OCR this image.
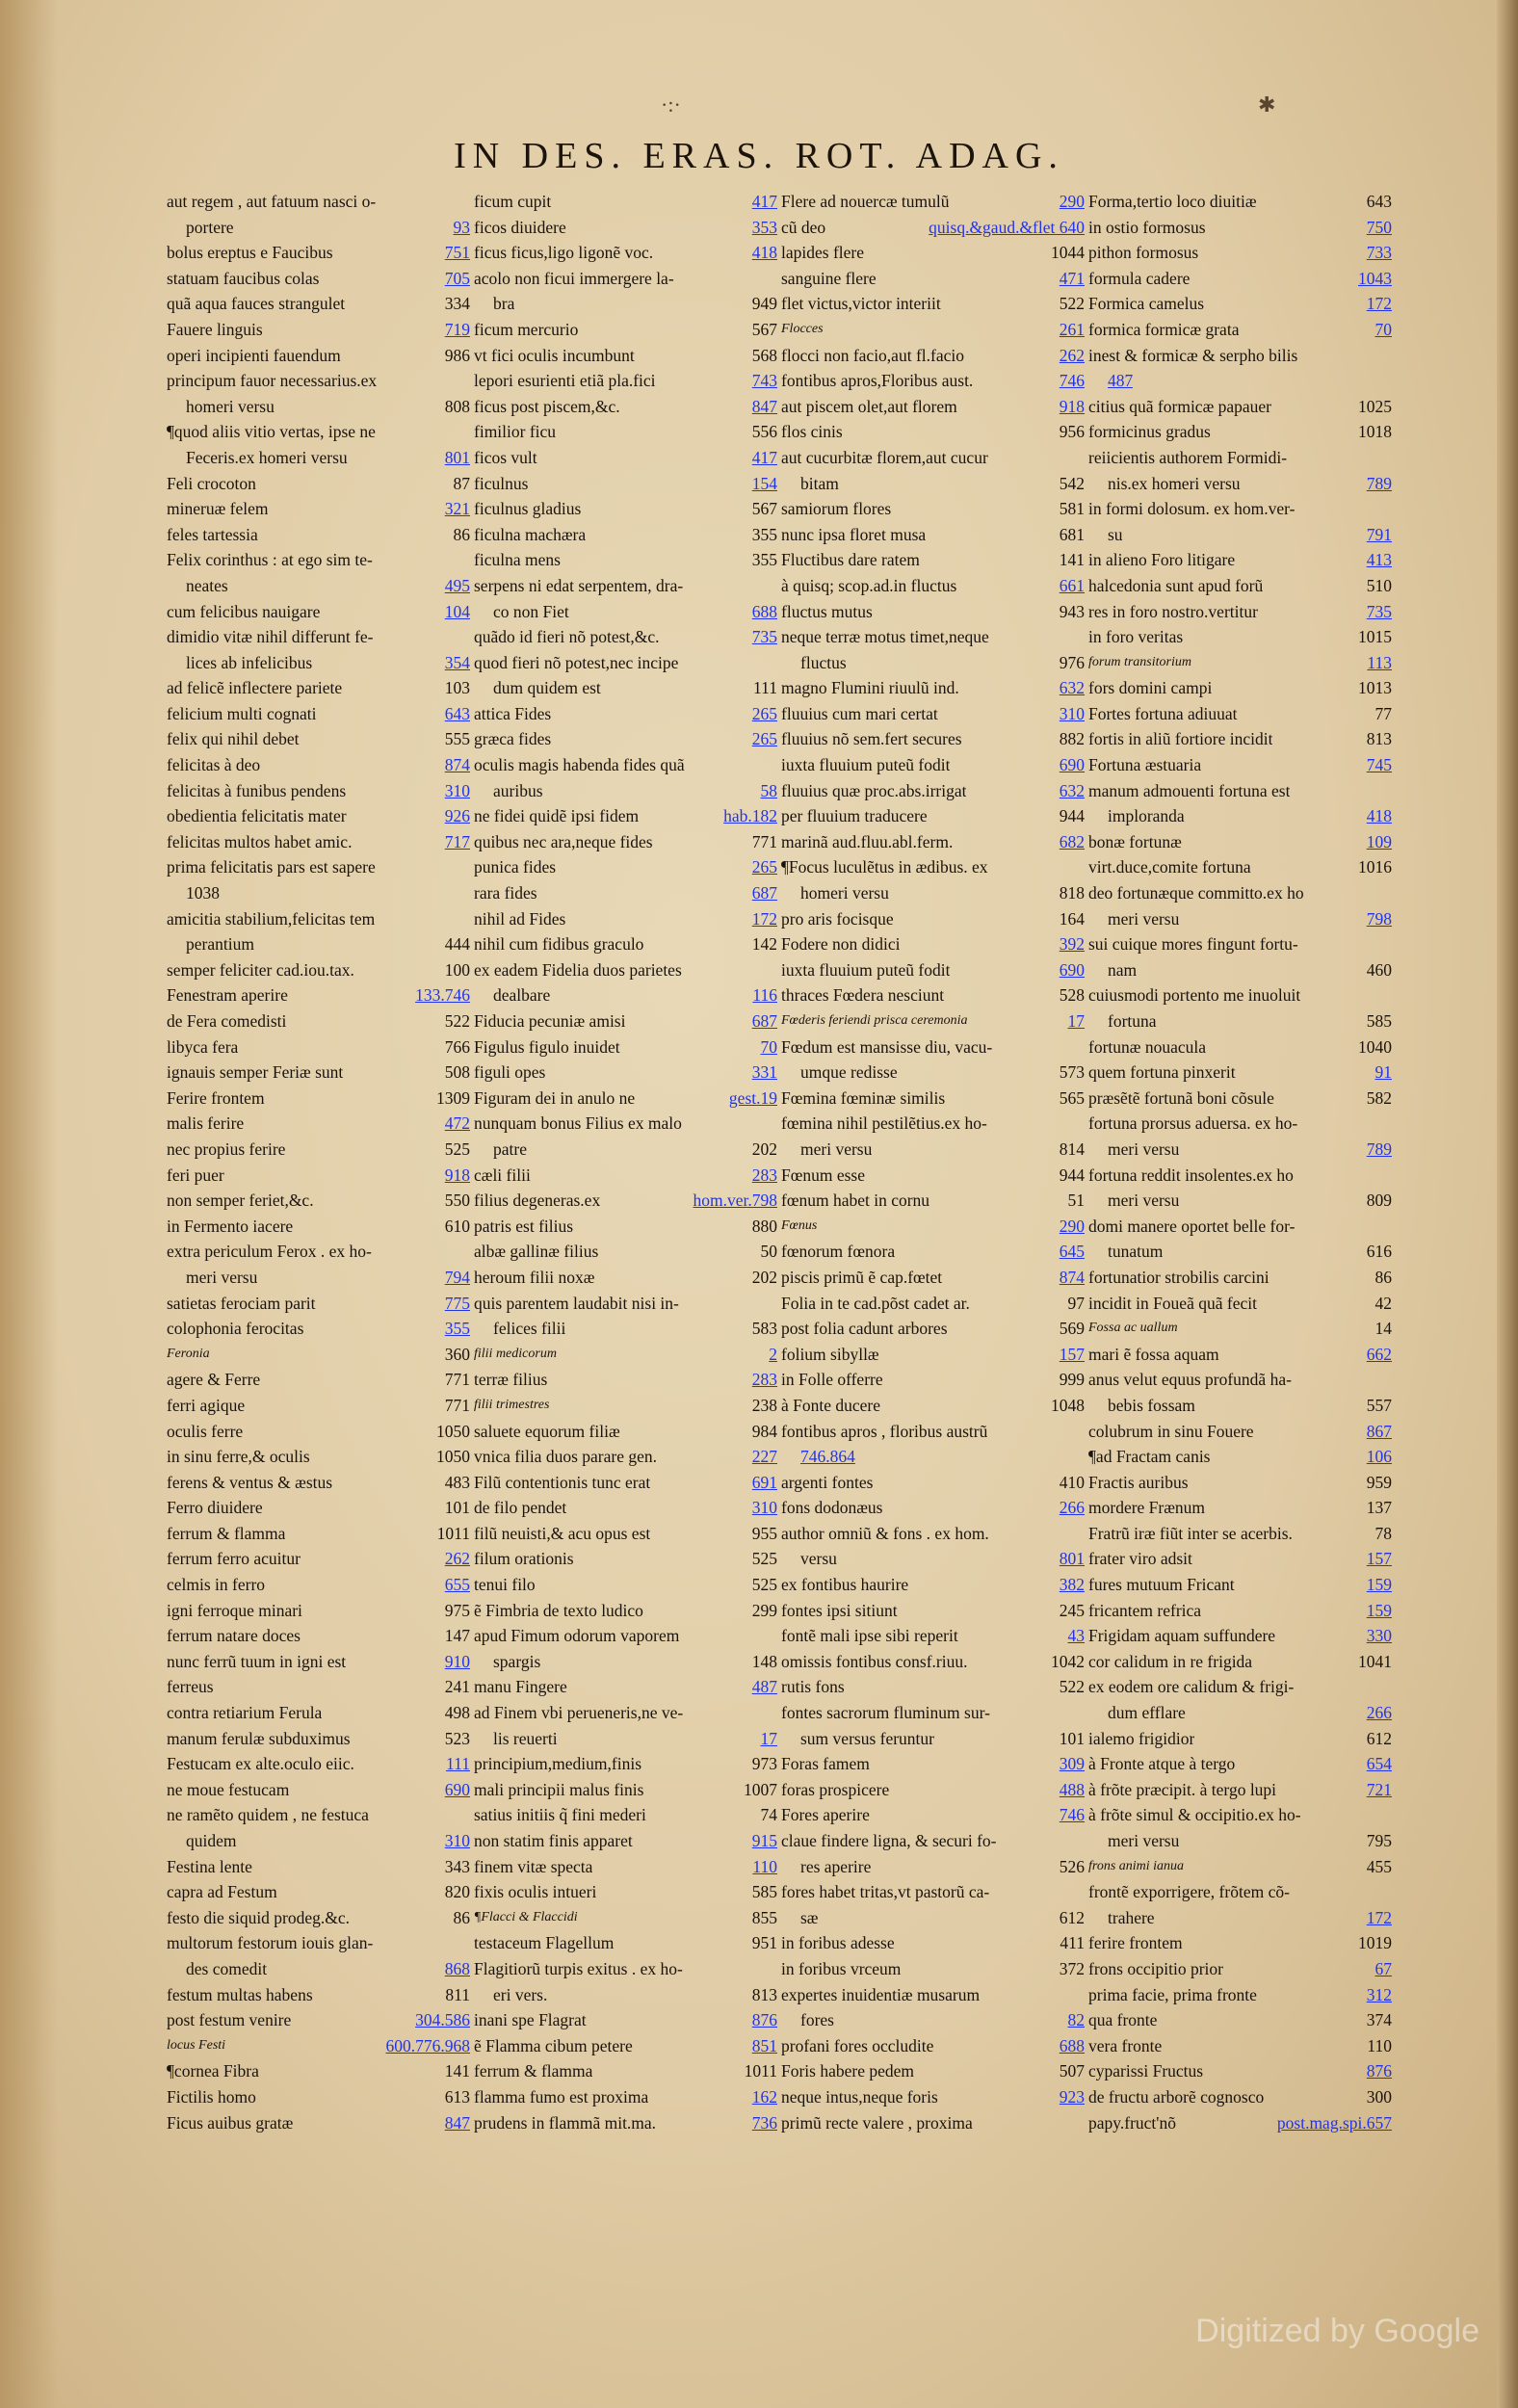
·:·	✱
IN DES. ERAS. ROT. ADAG.
aut regem , aut fatuum nasci o-
portere	93
bolus ereptus e Faucibus	751
statuam faucibus colas	705
quã aqua fauces strangulet	334
Fauere linguis	719
operi incipienti fauendum	986
principum fauor necessarius.ex
homeri versu	808
¶quod aliis vitio vertas, ipse ne
Feceris.ex homeri versu	801
Feli crocoton	87
mineruæ felem	321
feles tartessia	86
Felix corinthus : at ego sim te-
neates	495
cum felicibus nauigare	104
dimidio vitæ nihil differunt fe-
lices ab infelicibus	354
ad felicẽ inflectere pariete	103
felicium multi cognati	643
felix qui nihil debet	555
felicitas à deo	874
felicitas à funibus pendens	310
obedientia felicitatis mater	926
felicitas multos habet amic.	717
prima felicitatis pars est sapere
1038
amicitia stabilium,felicitas tem
perantium	444
semper feliciter cad.iou.tax.	100
Fenestram aperire	133.746
de Fera comedisti	522
libyca fera	766
ignauis semper Feriæ sunt	508
Ferire frontem	1309
malis ferire	472
nec propius ferire	525
feri puer	918
non semper feriet,&c.	550
in Fermento iacere	610
extra periculum Ferox . ex ho-
meri versu	794
satietas ferociam parit	775
colophonia ferocitas	355
Feronia	360
agere & Ferre	771
ferri agique	771
oculis ferre	1050
in sinu ferre,& oculis	1050
ferens & ventus & æstus	483
Ferro diuidere	101
ferrum & flamma	1011
ferrum ferro acuitur	262
celmis in ferro	655
igni ferroque minari	975
ferrum natare doces	147
nunc ferrũ tuum in igni est	910
ferreus	241
contra retiarium Ferula	498
manum ferulæ subduximus	523
Festucam ex alte.oculo eiic.	111
ne moue festucam	690
ne ramẽto quidem , ne festuca
quidem	310
Festina lente	343
capra ad Festum	820
festo die siquid prodeg.&c.	86
multorum festorum iouis glan-
des comedit	868
festum multas habens	811
post festum venire	304.586
locus Festi	600.776.968
¶cornea Fibra	141
Fictilis homo	613
Ficus auibus gratæ	847
ficum cupit	417
ficos diuidere	353
ficus ficus,ligo ligonẽ voc.	418
acolo non ficui immergere la-
bra	949
ficum mercurio	567
vt fici oculis incumbunt	568
lepori esurienti etiã pla.fici	743
ficus post piscem,&c.	847
fimilior ficu	556
ficos vult	417
ficulnus	154
ficulnus gladius	567
ficulna machæra	355
ficulna mens	355
serpens ni edat serpentem, dra-
co non Fiet	688
quãdo id fieri nõ potest,&c.	735
quod fieri nõ potest,nec incipe
dum quidem est	111
attica Fides	265
græca fides	265
oculis magis habenda fides quã
auribus	58
ne fidei quidẽ ipsi fidem	hab.182
quibus nec ara,neque fides	771
punica fides	265
rara fides	687
nihil ad Fides	172
nihil cum fidibus graculo	142
ex eadem Fidelia duos parietes
dealbare	116
Fiducia pecuniæ amisi	687
Figulus figulo inuidet	70
figuli opes	331
Figuram dei in anulo ne	gest.19
nunquam bonus Filius ex malo
patre	202
cæli filii	283
filius degeneras.ex	hom.ver.798
patris est filius	880
albæ gallinæ filius	50
heroum filii noxæ	202
quis parentem laudabit nisi in-
felices filii	583
filii medicorum	2
terræ filius	283
filii trimestres	238
saluete equorum filiæ	984
vnica filia duos parare gen.	227
Filũ contentionis tunc erat	691
de filo pendet	310
filũ neuisti,& acu opus est	955
filum orationis	525
tenui filo	525
ẽ Fimbria de texto ludico	299
apud Fimum odorum vaporem
spargis	148
manu Fingere	487
ad Finem vbi perueneris,ne ve-
lis reuerti	17
principium,medium,finis	973
mali principii malus finis	1007
satius initiis q̃ fini mederi	74
non statim finis apparet	915
finem vitæ specta	110
fixis oculis intueri	585
¶Flacci & Flaccidi	855
testaceum Flagellum	951
Flagitiorũ turpis exitus . ex ho-
eri vers.	813
inani spe Flagrat	876
ẽ Flamma cibum petere	851
ferrum & flamma	1011
flamma fumo est proxima	162
prudens in flammã mit.ma.	736
Flere ad nouercæ tumulũ	290
cũ deo	quisq.&gaud.&flet 640
lapides flere	1044
sanguine flere	471
flet victus,victor interiit	522
Flocces	261
flocci non facio,aut fl.facio	262
fontibus apros,Floribus aust.	746
aut piscem olet,aut florem	918
flos cinis	956
aut cucurbitæ florem,aut cucur
bitam	542
samiorum flores	581
nunc ipsa floret musa	681
Fluctibus dare ratem	141
à quisq; scop.ad.in fluctus	661
fluctus mutus	943
neque terræ motus timet,neque
fluctus	976
magno Flumini riuulũ ind.	632
fluuius cum mari certat	310
fluuius nõ sem.fert secures	882
iuxta fluuium puteũ fodit	690
fluuius quæ proc.abs.irrigat	632
per fluuium traducere	944
marinã aud.fluu.abl.ferm.	682
¶Focus luculẽtus in ædibus. ex
homeri versu	818
pro aris focisque	164
Fodere non didici	392
iuxta fluuium puteũ fodit	690
thraces Fœdera nesciunt	528
Fœderis feriendi prisca ceremonia	17
Fœdum est mansisse diu, vacu-
umque redisse	573
Fœmina fœminæ similis	565
fœmina nihil pestilẽtius.ex ho-
meri versu	814
Fœnum esse	944
fœnum habet in cornu	51
Fœnus	290
fœnorum fœnora	645
piscis primũ ẽ cap.fœtet	874
Folia in te cad.põst cadet ar.	97
post folia cadunt arbores	569
folium sibyllæ	157
in Folle offerre	999
à Fonte ducere	1048
fontibus apros , floribus austrũ
746.864
argenti fontes	410
fons dodonæus	266
author omniũ & fons . ex hom.
versu	801
ex fontibus haurire	382
fontes ipsi sitiunt	245
fontẽ mali ipse sibi reperit	43
omissis fontibus consf.riuu.	1042
rutis fons	522
fontes sacrorum fluminum sur-
sum versus feruntur	101
Foras famem	309
foras prospicere	488
Fores aperire	746
claue findere ligna, & securi fo-
res aperire	526
fores habet tritas,vt pastorũ ca-
sæ	612
in foribus adesse	411
in foribus vrceum	372
expertes inuidentiæ musarum
fores	82
profani fores occludite	688
Foris habere pedem	507
neque intus,neque foris	923
primũ recte valere , proxima
Forma,tertio loco diuitiæ	643
in ostio formosus	750
pithon formosus	733
formula cadere	1043
Formica camelus	172
formica formicæ grata	70
inest & formicæ & serpho bilis
487
citius quã formicæ papauer	1025
formicinus gradus	1018
reiicientis authorem Formidi-
nis.ex homeri versu	789
in formi dolosum. ex hom.ver-
su	791
in alieno Foro litigare	413
halcedonia sunt apud forũ	510
res in foro nostro.vertitur	735
in foro veritas	1015
forum transitorium	113
fors domini campi	1013
Fortes fortuna adiuuat	77
fortis in aliũ fortiore incidit	813
Fortuna æstuaria	745
manum admouenti fortuna est
imploranda	418
bonæ fortunæ	109
virt.duce,comite fortuna	1016
deo fortunæque committo.ex ho
meri versu	798
sui cuique mores fingunt fortu-
nam	460
cuiusmodi portento me inuoluit
fortuna	585
fortunæ nouacula	1040
quem fortuna pinxerit	91
præsẽtẽ fortunã boni cõsule	582
fortuna prorsus aduersa. ex ho-
meri versu	789
fortuna reddit insolentes.ex ho
meri versu	809
domi manere oportet belle for-
tunatum	616
fortunatior strobilis carcini	86
incidit in Foueã quã fecit	42
Fossa ac uallum	14
mari ẽ fossa aquam	662
anus velut equus profundã ha-
bebis fossam	557
colubrum in sinu Fouere	867
¶ad Fractam canis	106
Fractis auribus	959
mordere Frænum	137
Fratrũ iræ fiũt inter se acerbis.	78
frater viro adsit	157
fures mutuum Fricant	159
fricantem refrica	159
Frigidam aquam suffundere	330
cor calidum in re frigida	1041
ex eodem ore calidum & frigi-
dum efflare	266
ialemo frigidior	612
à Fronte atque à tergo	654
à frõte præcipit. à tergo lupi	721
à frõte simul & occipitio.ex ho-
meri versu	795
frons animi ianua	455
frontẽ exporrigere, frõtem cõ-
trahere	172
ferire frontem	1019
frons occipitio prior	67
prima facie, prima fronte	312
qua fronte	374
vera fronte	110
cyparissi Fructus	876
de fructu arborẽ cognosco	300
papy.fruct'nõ	post.mag.spi.657
Digitized by Google
